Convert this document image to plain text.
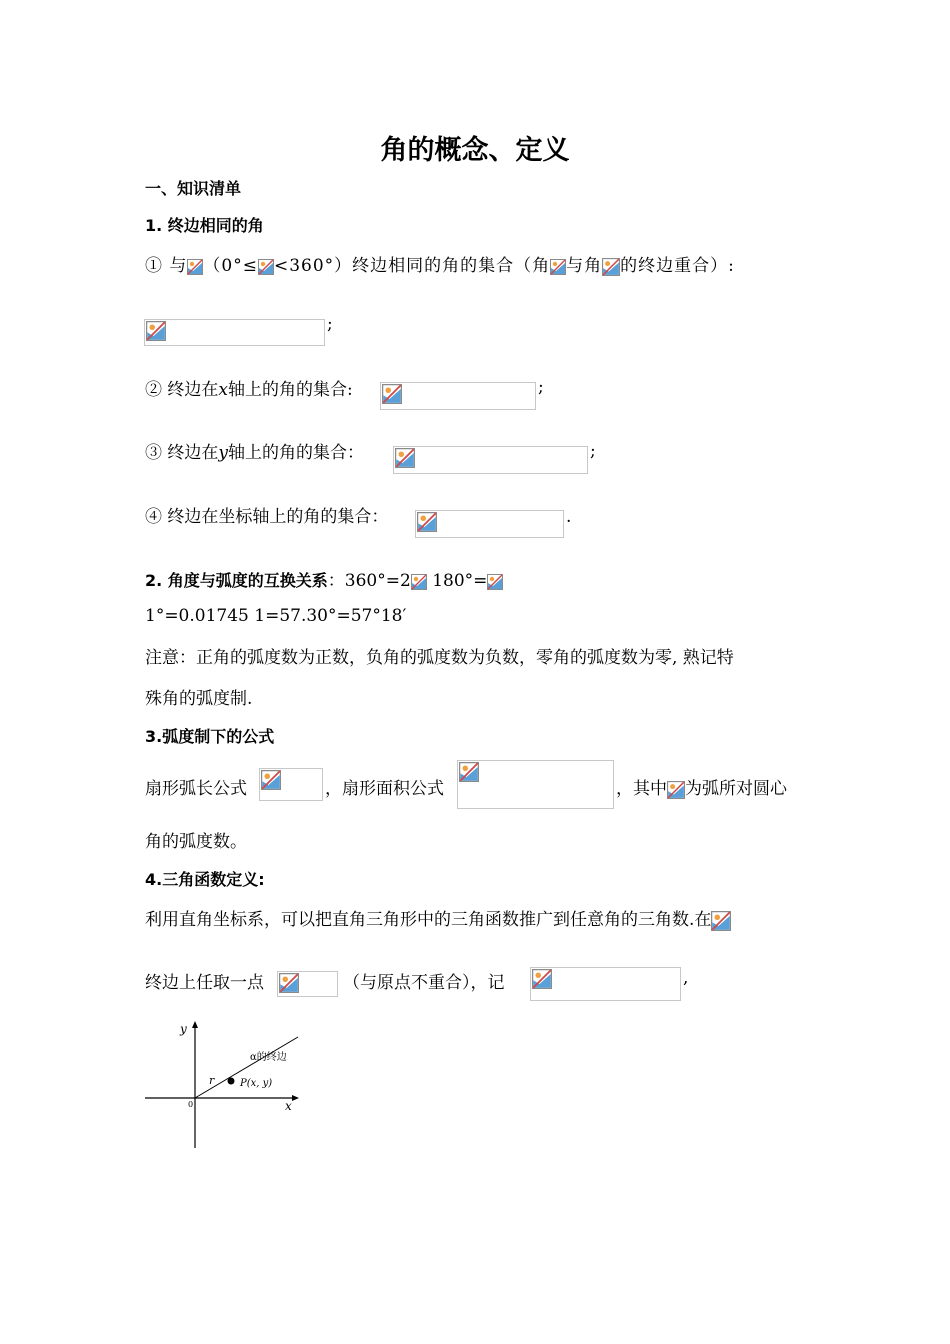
角的概念、定义
一、知识清单
1. 终边相同的角
① 与 （0°≤ <360°）终边相同的角的集合（角 与角 的终边重合）:
;
② 终边在x轴上的角的集合:	;
③ 终边在y轴上的角的集合：	;
④ 终边在坐标轴上的角的集合：	.
2. 角度与弧度的互换关系：360°=2 180°=
1°=0.01745 1=57.30°=57°18′
注意：正角的弧度数为正数，负角的弧度数为负数，零角的弧度数为零, 熟记特
殊角的弧度制.
3.弧度制下的公式
扇形弧长公式	，扇形面积公式	，其中 为弧所对圆心
角的弧度数。
4.三角函数定义:
利用直角坐标系，可以把直角三角形中的三角函数推广到任意角的三角数.在
终边上任取一点	（与原点不重合），记	,
y
x
0
r	P(x, y)
α的终边
